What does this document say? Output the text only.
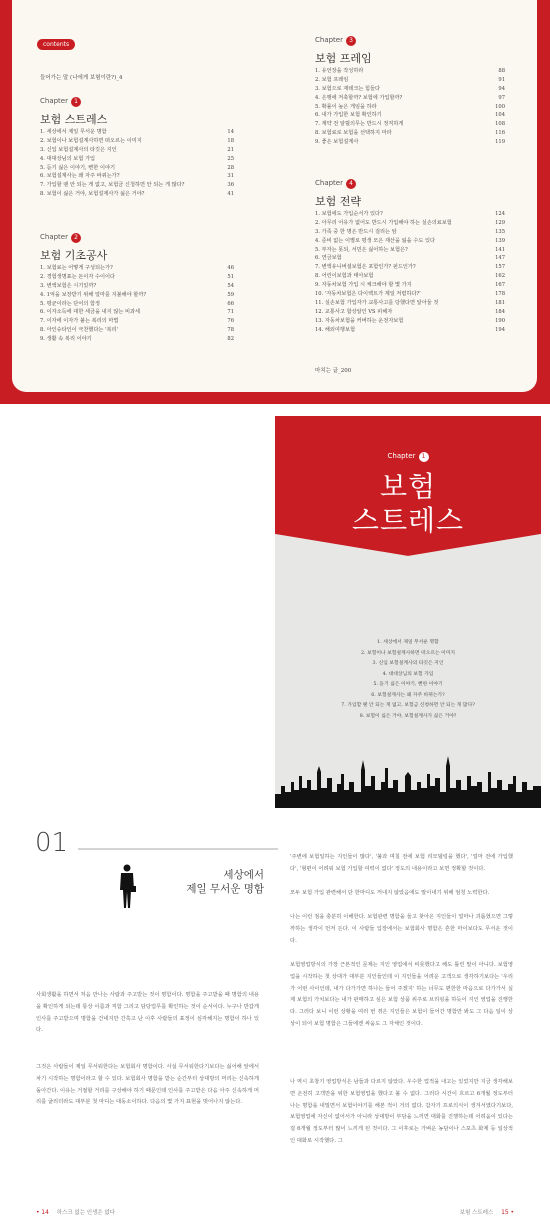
contents
들어가는 말 (나에게 보험이란?)_4
Chapter 1
보험 스트레스
1. 세상에서 제일 무서운 명함	14
2. 보험이나 보험설계사하면 떠오르는 이미지	18
3. 신입 보험설계사의 타깃은 지인	21
4. 대대상님의 보험 가입	25
5. 듣기 싫은 이야기, 뻔한 이야기	28
6. 보험설계사는 왜 자주 바뀌는가?	31
7. 가입할 땐 안 되는 게 없고, 보험금 신청하면 안 되는 게 많다?	36
8. 보험이 싫은 거야, 보험설계사가 싫은 거야?	41
Chapter 2
보험 기초공사
1. 보험료는 어떻게 구성되는가?	46
2. 경험생명표는 돈이자 수이이다	51
3. 변액보험은 시기있까?	54
4. 1억을 보장받기 위해 얼마를 지불해야 할까?	59
5. 평균이라는 단어의 함정	66
6. 이자소득에 대한 세금을 내지 않는 비과세	71
7. 이자에 이자가 붙는 복리의 마법	76
8. 아인슈타인이 극찬했다는 '복리'	78
9. 생활 속 복리 이야기	82
Chapter 3
보험 프레임
1. 유언장을 작성하라	88
2. 보험 프레임	91
3. 보험으로 재테크는 힘들다	94
4. 은행에 저축할까? 보험에 가입할까?	97
5. 확률이 높은 게임을 하라	100
6. 내가 가입한 보험 확인하기	104
7. 계약 전 알릴의무는 반드시 정직하게	108
8. 보험료로 보험을 선택하지 마라	116
9. 좋은 보험설계사	119
Chapter 4
보험 전략
1. 보험에도 가입순서가 있다?	124
2. 아무리 어유가 없어도 반드시 가입해야 하는 실손의료보험	129
3. 가족 중 한 명은 반드시 걸리는 암	135
4. 준비 없는 이별로 평생 모은 재산을 잃을 수도 있다	139
5. 부자는 못되, 서민은 싫어하는 보험은?	141
6. 연금보험	147
7. 변액유니버셜보험은 포함인가? 펀드인가?	157
8. 어린이보험과 태아보험	162
9. 자동차보험 가입 시 체크해야 할 몇 가지	167
10. '자동차보험은 다이렉트가 제일 저렴하다?'	178
11. 실손보험 가입자가 교통사고를 당했다면 알아둘 것	181
12. 교통사고 합상알인 VS 피해자	184
13. 자동차보험을 커버하는 운전자보험	190
14. 해외여행보험	194
마치는 글_200
Chapter 1
보험
스트레스
1. 세상에서 제일 무서운 명함
2. 보험이나 보험설계사하면 떠오르는 이미지
3. 신입 보험설계사의 타깃은 지인
4. 대대상님의 보험 가입
5. 듣기 싫은 이야기, 뻔한 이야기
6. 보험설계사는 왜 자주 바뀌는가?
7. 가입할 땐 안 되는 게 없고, 보험금 신청하면 안 되는 게 많다?
8. 보험이 싫은 거야, 보험설계사가 싫은 거야?
01
세상에서
제일 무서운 명함
사회생활을 하면서 처음 만나는 사람과 주고받는 것이 명함이다. 명함을 주고받을 때 명함의 내용을 확인하게 되는데 통상 이름과 직함 그리고 담당업무를 확인하는 것이 순서이다. 누구나 반갑게 인사를 주고받으며 명함을 건네지만 간혹고 난 이후 사람들의 표정이 심각해지는 명함이 하나 있다.
그것은 사람들이 제일 무서워한다는 보험회사 명함이다. 사실 무서워한다기보다는 싫어해 앞에서 차기 시작하는 명함이라고 할 수 있다. 보험회사 명함을 받는 순간부터 상대방의 머리는 신속하게 돌아간다. 이유는 거절할 거리를 구상해야 하기 때문인데 인사를 주고받은 다음 아주 신속하게 머리를 굴리더라도 대부분 첫 마디는 대동소이하다. 다음의 몇 가지 표현을 벗어나지 않는다.
'주변에 보험일하는 지인들이 많다', '불과 며칠 전에 보험 리모델링을 했다', '얼마 전에 가입했다', '형편이 어려워 보험 가입할 여력이 없다' 정도의 내용이라고 보면 정확할 것이다.
모두 보험 가입 관련해서 단 한마디도 꺼내지 않았음에도 말이내기 위해 엄청 노력한다.
나는 이런 점을 충분히 이해한다. 보험관련 명함을 들고 찾아온 지인들이 얼마나 괴롭혔으면 그렇까하는 생각이 먼저 든다. 이 사람들 입장에서는 보험회사 명함은 흔한 마이보다도 무서운 것이다.
보험영업방식의 가장 근본적인 문제는 지인 영업에서 비롯했다고 해도 틀린 말이 아니다. 보험영업을 시작하는 첫 상대가 대부분 지인들인데 이 지인들을 어려운 고객으로 생각하기보다는 '우리가 어떤 사이인데, 내가 다가가면 하나는 들어 주겠지' 하는 너무도 편한한 마음으로 다가가서 실제 보험의 가치보다는 내가 판매하고 싶은 보험 상품 위주로 브리핑을 하듯이 지인 영업을 진행한다. 그러다 보니 이런 상황을 여러 번 겪은 지인들은 보험이 들어간 명함만 봐도 그 다음 일이 상상이 되어 보험 명함은 그들에겐 싸움도 그 자체인 것이다.
나 역시 초창기 영업방식은 남들과 다르지 않았다. 우수한 업적을 내고는 있었지만 지금 생각해보면 온전히 고객만을 위한 보험영업을 했다고 볼 수 없다. 그러다 시간이 흐르고 6개월 정도부터 나는 명함을 내밀면서 보험이야기를 해본 적이 거의 없다. 갑자기 프로의식이 생겨서였다기보다, 보험영업에 자신이 없어서가 아니라 상대방이 부담을 느끼면 대화를 진행하는데 어려움이 있다는 걸 6개월 정도부터 많이 느끼게 된 것이다. 그 이후로는 가벼운 농담이나 스포츠 화제 등 일상적인 대화로 시작했다. 그
• 14 하스크 없는 인생은 없다	보험 스트레스 15 •
